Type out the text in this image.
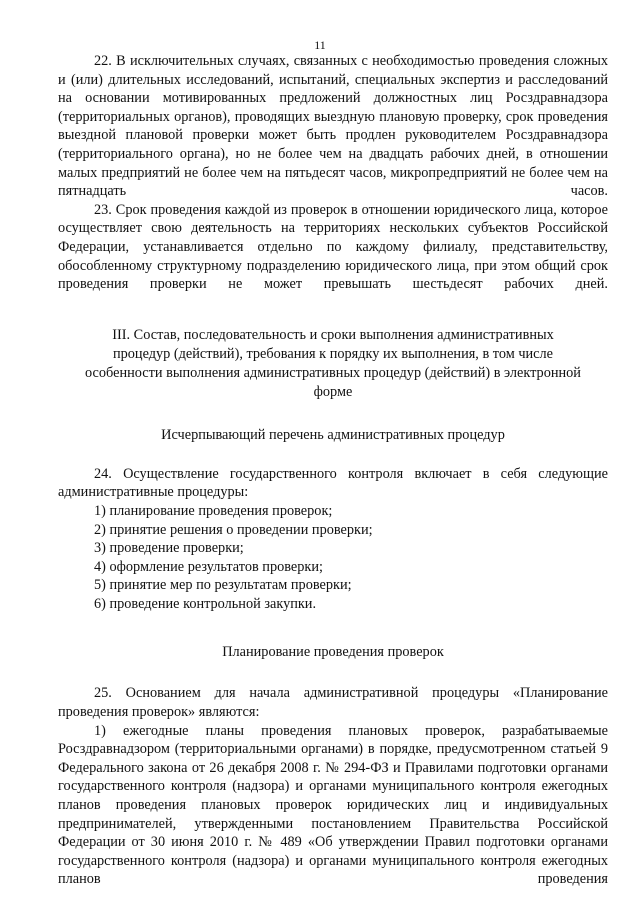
11

22. В исключительных случаях, связанных с необходимостью проведения сложных и (или) длительных исследований, испытаний, специальных экспертиз и расследований на основании мотивированных предложений должностных лиц Росздравнадзора (территориальных органов), проводящих выездную плановую проверку, срок проведения выездной плановой проверки может быть продлен руководителем Росздравнадзора (территориального органа), но не более чем на двадцать рабочих дней, в отношении малых предприятий не более чем на пятьдесят часов, микропредприятий не более чем на пятнадцать часов.

23. Срок проведения каждой из проверок в отношении юридического лица, которое осуществляет свою деятельность на территориях нескольких субъектов Российской Федерации, устанавливается отдельно по каждому филиалу, представительству, обособленному структурному подразделению юридического лица, при этом общий срок проведения проверки не может превышать шестьдесят рабочих дней.

III. Состав, последовательность и сроки выполнения административных процедур (действий), требования к порядку их выполнения, в том числе особенности выполнения административных процедур (действий) в электронной форме

Исчерпывающий перечень административных процедур

24. Осуществление государственного контроля включает в себя следующие административные процедуры:

1) планирование проведения проверок;

2) принятие решения о проведении проверки;

3) проведение проверки;

4) оформление результатов проверки;

5) принятие мер по результатам проверки;

6) проведение контрольной закупки.

Планирование проведения проверок

25. Основанием для начала административной процедуры «Планирование проведения проверок» являются:

1) ежегодные планы проведения плановых проверок, разрабатываемые Росздравнадзором (территориальными органами) в порядке, предусмотренном статьей 9 Федерального закона от 26 декабря 2008 г. № 294-ФЗ и Правилами подготовки органами государственного контроля (надзора) и органами муниципального контроля ежегодных планов проведения плановых проверок юридических лиц и индивидуальных предпринимателей, утвержденными постановлением Правительства Российской Федерации от 30 июня 2010 г. № 489 «Об утверждении Правил подготовки органами государственного контроля (надзора) и органами муниципального контроля ежегодных планов проведения
